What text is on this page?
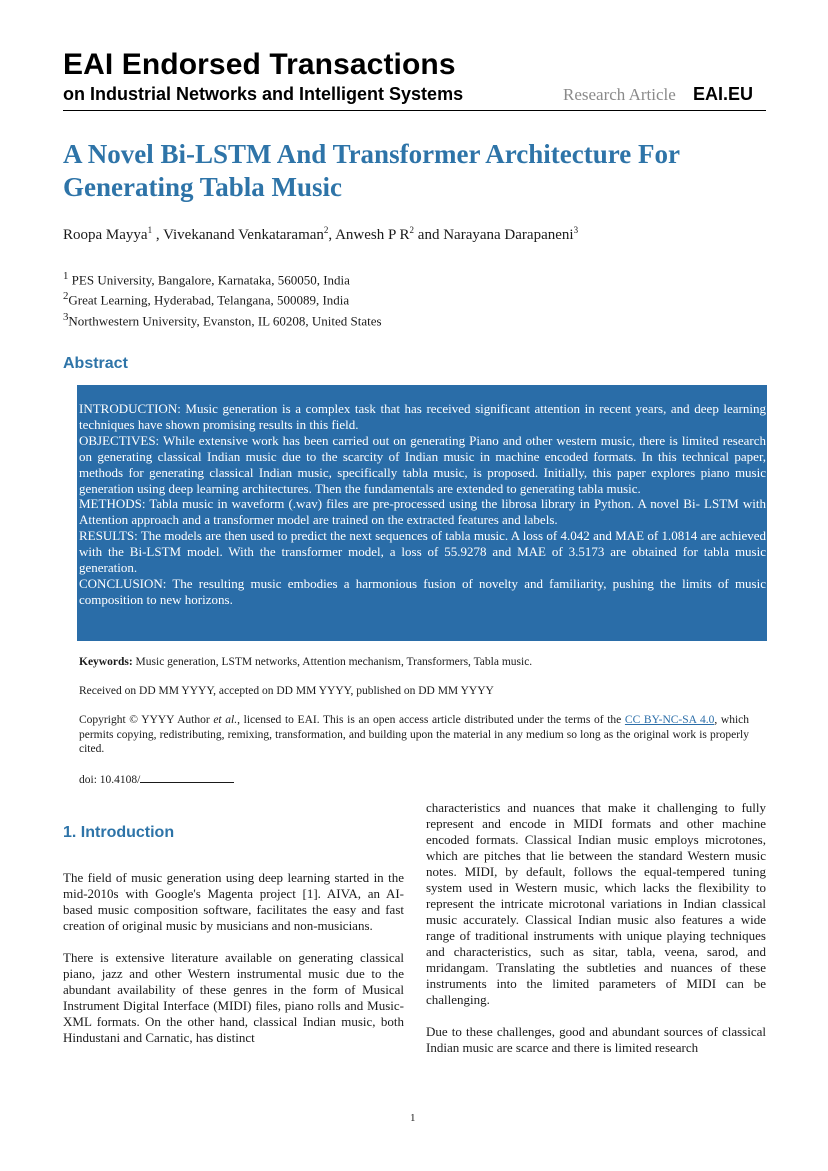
EAI Endorsed Transactions
on Industrial Networks and Intelligent Systems	Research Article EAI.EU
A Novel Bi-LSTM And Transformer Architecture For Generating Tabla Music
Roopa Mayya$^1$ , Vivekanand Venkataraman$^2$, Anwesh P $R^2$ and Narayana Darapaneni$^3$
$^1$ PES University, Bangalore, Karnataka, 560050, India
$^2$Great Learning, Hyderabad, Telangana, 500089, India
$^3$Northwestern University, Evanston, IL 60208, United States
Abstract

INTRODUCTION: Music generation is a complex task that has received significant attention in recent years, and deep learning techniques have shown promising results in this field.

OBJECTIVES: While extensive work has been carried out on generating Piano and other western music, there is limited research on generating classical Indian music due to the scarcity of Indian music in machine encoded formats. In this technical paper, methods for generating classical Indian music, specifically tabla music, is proposed. Initially, this paper explores piano music generation using deep learning architectures. Then the fundamentals are extended to generating tabla music.

METHODS: Tabla music in waveform (.wav) files are pre-processed using the librosa library in Python. A novel Bi- LSTM with Attention approach and a transformer model are trained on the extracted features and labels.

RESULTS: The models are then used to predict the next sequences of tabla music. A loss of 4.042 and MAE of 1.0814 are achieved with the Bi-LSTM model. With the transformer model, a loss of 55.9278 and MAE of 3.5173 are obtained for tabla music generation.

CONCLUSION: The resulting music embodies a harmonious fusion of novelty and familiarity, pushing the limits of music composition to new horizons.

Keywords: Music generation, LSTM networks, Attention mechanism, Transformers, Tabla music.
Received on DD MM YYYY, accepted on DD MM YYYY, published on DD MM YYYY
Copyright © YYYY Author et al., licensed to EAI. This is an open access article distributed under the terms of the CC BY-NC-SA 4.0, which permits copying, redistributing, remixing, transformation, and building upon the material in any medium so long as the original work is properly cited.
doi: 10.4108/
1. Introduction

The field of music generation using deep learning started in the mid-2010s with Google's Magenta project [1]. AIVA, an AI-based music composition software, facilitates the easy and fast creation of original music by musicians and non-musicians.

There is extensive literature available on generating classical piano, jazz and other Western instrumental music due to the abundant availability of these genres in the form of Musical Instrument Digital Interface (MIDI) files, piano rolls and Music-XML formats. On the other hand, classical Indian music, both Hindustani and Carnatic, has distinct

characteristics and nuances that make it challenging to fully represent and encode in MIDI formats and other machine encoded formats. Classical Indian music employs microtones, which are pitches that lie between the standard Western music notes. MIDI, by default, follows the equal-tempered tuning system used in Western music, which lacks the flexibility to represent the intricate microtonal variations in Indian classical music accurately. Classical Indian music also features a wide range of traditional instruments with unique playing techniques and characteristics, such as sitar, tabla, veena, sarod, and mridangam. Translating the subtleties and nuances of these instruments into the limited parameters of MIDI can be challenging.

Due to these challenges, good and abundant sources of classical Indian music are scarce and there is limited research

1
